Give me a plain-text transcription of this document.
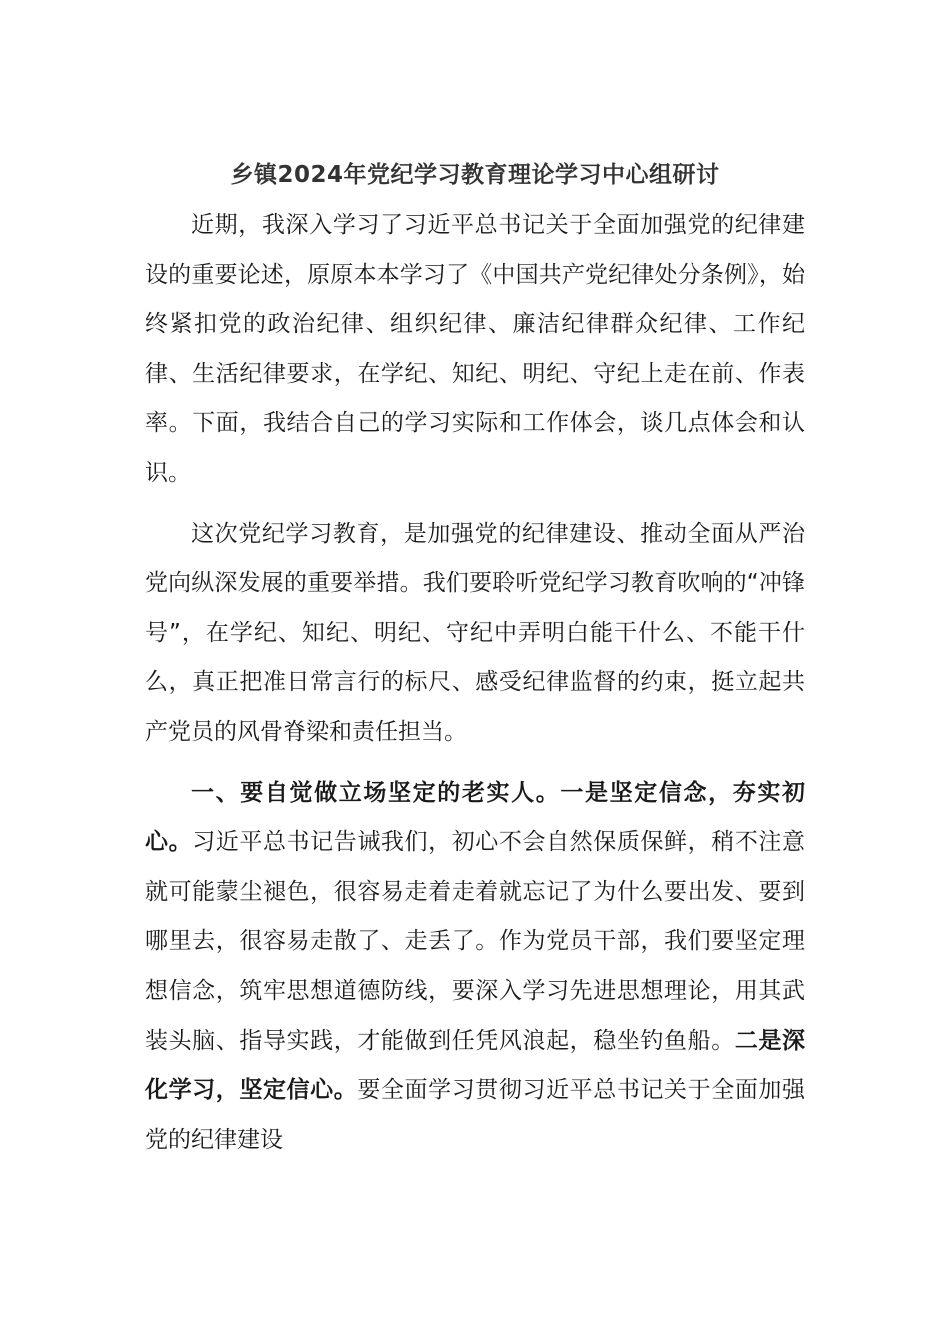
乡镇2024年党纪学习教育理论学习中心组研讨

近期，我深入学习了习近平总书记关于全面加强党的纪律建设的重要论述，原原本本学习了《中国共产党纪律处分条例》，始终紧扣党的政治纪律、组织纪律、廉洁纪律群众纪律、工作纪律、生活纪律要求，在学纪、知纪、明纪、守纪上走在前、作表率。下面，我结合自己的学习实际和工作体会，谈几点体会和认识。

这次党纪学习教育，是加强党的纪律建设、推动全面从严治党向纵深发展的重要举措。我们要聆听党纪学习教育吹响的“冲锋号”，在学纪、知纪、明纪、守纪中弄明白能干什么、不能干什么，真正把准日常言行的标尺、感受纪律监督的约束，挺立起共产党员的风骨脊梁和责任担当。

一、要自觉做立场坚定的老实人。一是坚定信念，夯实初心。习近平总书记告诫我们，初心不会自然保质保鲜，稍不注意就可能蒙尘褪色，很容易走着走着就忘记了为什么要出发、要到哪里去，很容易走散了、走丢了。作为党员干部，我们要坚定理想信念，筑牢思想道德防线，要深入学习先进思想理论，用其武装头脑、指导实践，才能做到任凭风浪起，稳坐钓鱼船。二是深化学习，坚定信心。要全面学习贯彻习近平总书记关于全面加强党的纪律建设
